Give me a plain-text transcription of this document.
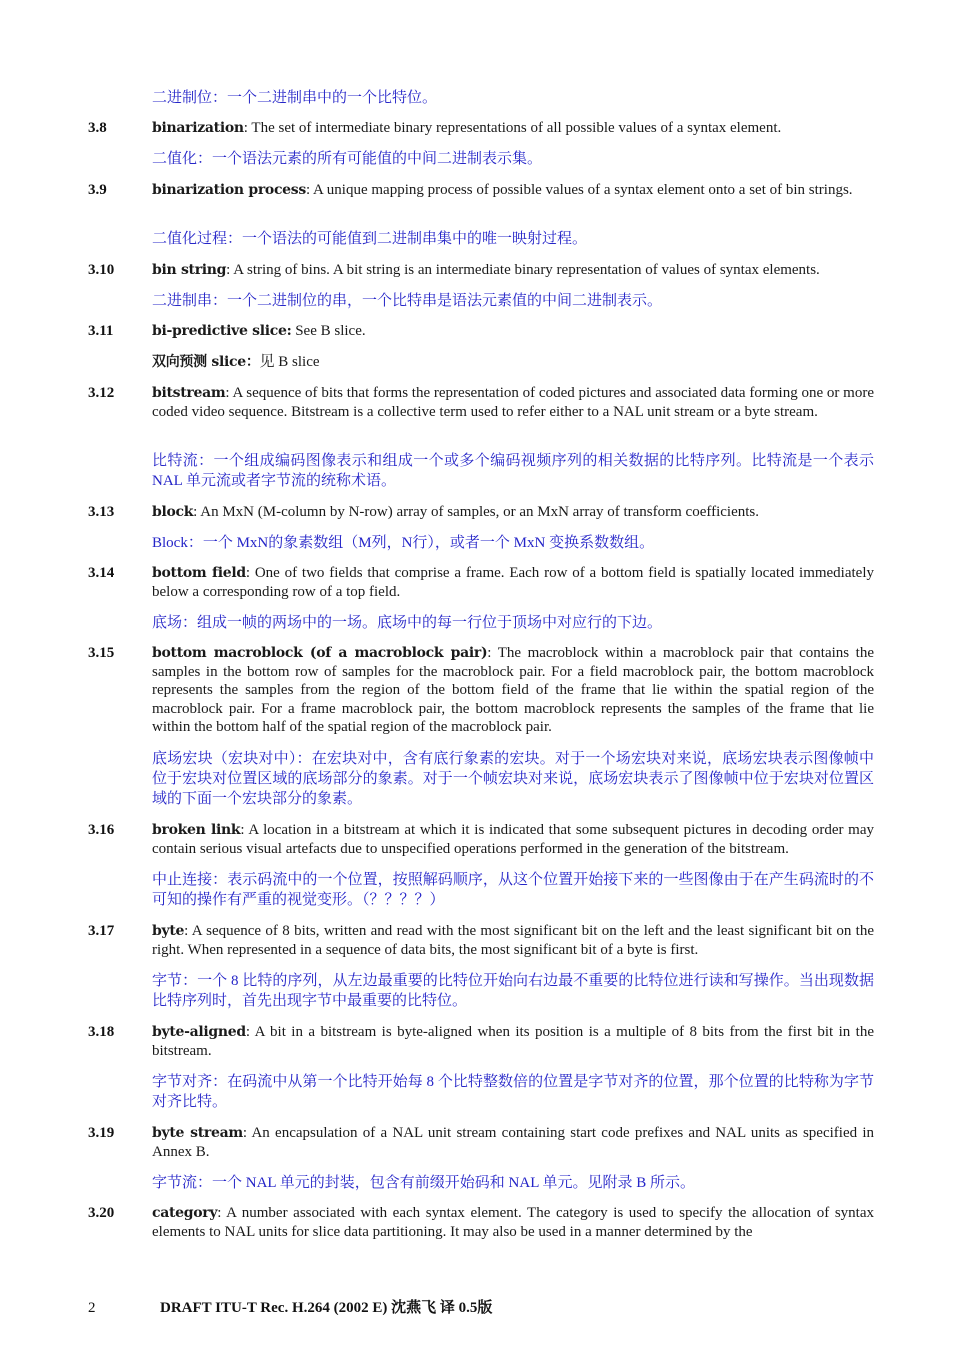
二进制位：一个二进制串中的一个比特位。
3.8	binarization: The set of intermediate binary representations of all possible values of a syntax element.
二值化：一个语法元素的所有可能值的中间二进制表示集。
3.9	binarization process: A unique mapping process of possible values of a syntax element onto a set of bin strings.
二值化过程：一个语法的可能值到二进制串集中的唯一映射过程。
3.10	bin string: A string of bins. A bit string is an intermediate binary representation of values of syntax elements.
二进制串：一个二进制位的串，一个比特串是语法元素值的中间二进制表示。
3.11	bi-predictive slice: See B slice.
双向预测 slice：见 B slice
3.12	bitstream: A sequence of bits that forms the representation of coded pictures and associated data forming one or more coded video sequence. Bitstream is a collective term used to refer either to a NAL unit stream or a byte stream.
比特流：一个组成编码图像表示和组成一个或多个编码视频序列的相关数据的比特序列。比特流是一个表示 NAL 单元流或者字节流的统称术语。
3.13	block: An MxN (M-column by N-row) array of samples, or an MxN array of transform coefficients.
Block：一个 MxN的象素数组（M列，N行），或者一个 MxN 变换系数数组。
3.14	bottom field: One of two fields that comprise a frame. Each row of a bottom field is spatially located immediately below a corresponding row of a top field.
底场：组成一帧的两场中的一场。底场中的每一行位于顶场中对应行的下边。
3.15	bottom macroblock (of a macroblock pair): The macroblock within a macroblock pair that contains the samples in the bottom row of samples for the macroblock pair. For a field macroblock pair, the bottom macroblock represents the samples from the region of the bottom field of the frame that lie within the spatial region of the macroblock pair. For a frame macroblock pair, the bottom macroblock represents the samples of the frame that lie within the bottom half of the spatial region of the macroblock pair.
底场宏块（宏块对中）：在宏块对中，含有底行象素的宏块。对于一个场宏块对来说，底场宏块表示图像帧中位于宏块对位置区域的底场部分的象素。对于一个帧宏块对来说，底场宏块表示了图像帧中位于宏块对位置区域的下面一个宏块部分的象素。
3.16	broken link: A location in a bitstream at which it is indicated that some subsequent pictures in decoding order may contain serious visual artefacts due to unspecified operations performed in the generation of the bitstream.
中止连接：表示码流中的一个位置，按照解码顺序，从这个位置开始接下来的一些图像由于在产生码流时的不可知的操作有严重的视觉变形。（？？？？）
3.17	byte: A sequence of 8 bits, written and read with the most significant bit on the left and the least significant bit on the right. When represented in a sequence of data bits, the most significant bit of a byte is first.
字节：一个 8 比特的序列，从左边最重要的比特位开始向右边最不重要的比特位进行读和写操作。当出现数据比特序列时，首先出现字节中最重要的比特位。
3.18	byte-aligned: A bit in a bitstream is byte-aligned when its position is a multiple of 8 bits from the first bit in the bitstream.
字节对齐：在码流中从第一个比特开始每 8 个比特整数倍的位置是字节对齐的位置，那个位置的比特称为字节对齐比特。
3.19	byte stream: An encapsulation of a NAL unit stream containing start code prefixes and NAL units as specified in Annex B.
字节流：一个 NAL 单元的封装，包含有前缀开始码和 NAL 单元。见附录 B 所示。
3.20	category: A number associated with each syntax element. The category is used to specify the allocation of syntax elements to NAL units for slice data partitioning. It may also be used in a manner determined by the
2	DRAFT ITU-T Rec. H.264 (2002 E) 沈燕飞 译 0.5版
